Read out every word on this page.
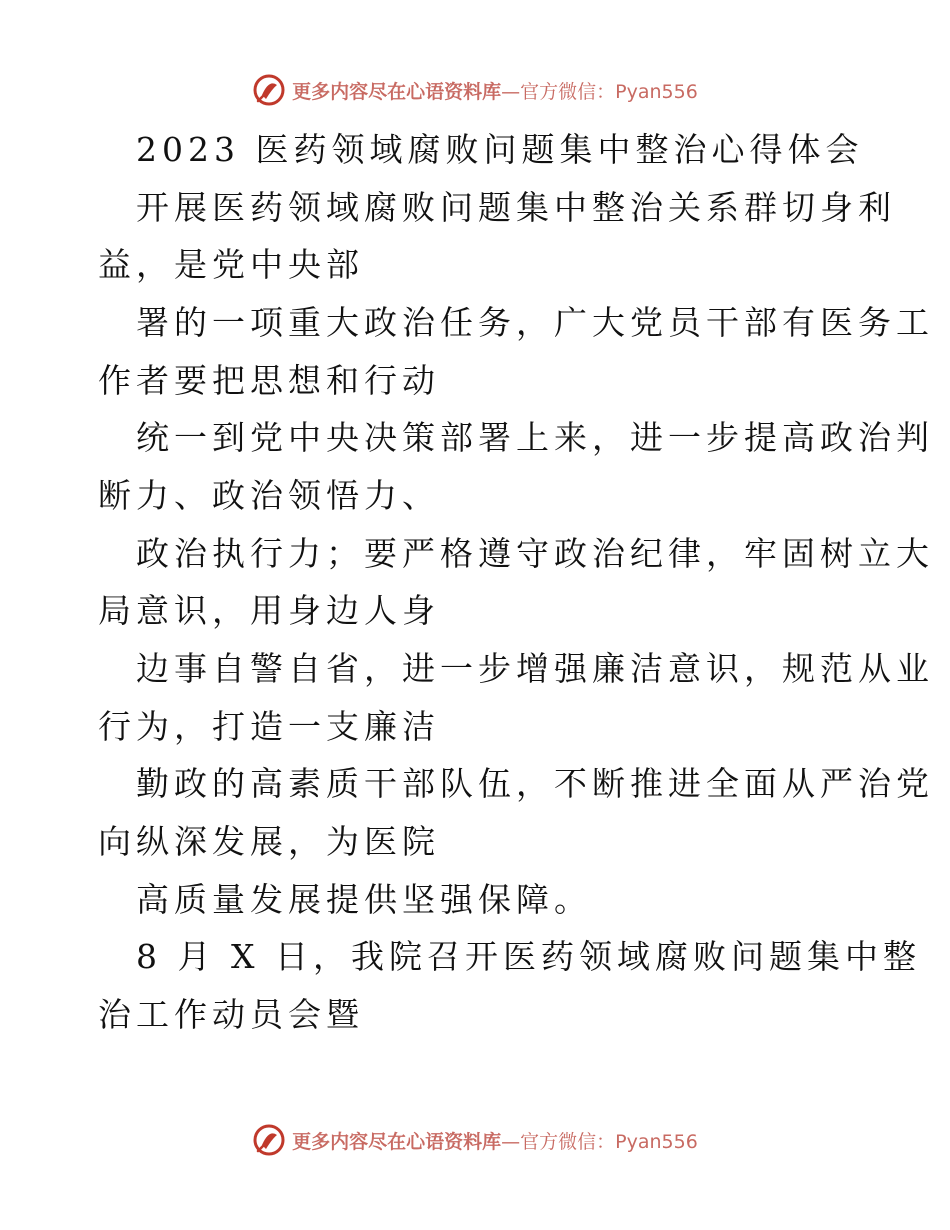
更多内容尽在心语资料库—官方微信：Pyan556
2023 医药领域腐败问题集中整治心得体会
开展医药领域腐败问题集中整治关系群切身利
益，是党中央部
署的一项重大政治任务，广大党员干部有医务工
作者要把思想和行动
统一到党中央决策部署上来，进一步提高政治判
断力、政治领悟力、
政治执行力；要严格遵守政治纪律，牢固树立大
局意识，用身边人身
边事自警自省，进一步增强廉洁意识，规范从业
行为，打造一支廉洁
勤政的高素质干部队伍，不断推进全面从严治党
向纵深发展，为医院
高质量发展提供坚强保障。
8 月 X 日，我院召开医药领域腐败问题集中整
治工作动员会暨
更多内容尽在心语资料库—官方微信：Pyan556
